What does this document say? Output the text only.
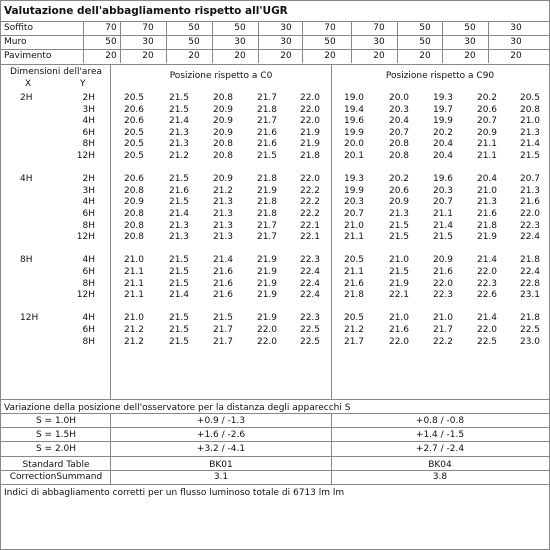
Valutazione dell'abbagliamento rispetto all'UGR
Soffito	70	70	50	50	30	70	70	50	50	30
Muro	50	30	50	30	30	50	30	50	30	30
Pavimento	20	20	20	20	20	20	20	20	20	20
Dimensioni dell'area
X	Y
Posizione rispetto a C0	Posizione rispetto a C90
2H	2H	20.5	21.5	20.8	21.7	22.0	19.0	20.0	19.3	20.2	20.5
3H	20.6	21.5	20.9	21.8	22.0	19.4	20.3	19.7	20.6	20.8
4H	20.6	21.4	20.9	21.7	22.0	19.6	20.4	19.9	20.7	21.0
6H	20.5	21.3	20.9	21.6	21.9	19.9	20.7	20.2	20.9	21.3
8H	20.5	21.3	20.8	21.6	21.9	20.0	20.8	20.4	21.1	21.4
12H	20.5	21.2	20.8	21.5	21.8	20.1	20.8	20.4	21.1	21.5
4H	2H	20.6	21.5	20.9	21.8	22.0	19.3	20.2	19.6	20.4	20.7
3H	20.8	21.6	21.2	21.9	22.2	19.9	20.6	20.3	21.0	21.3
4H	20.9	21.5	21.3	21.8	22.2	20.3	20.9	20.7	21.3	21.6
6H	20.8	21.4	21.3	21.8	22.2	20.7	21.3	21.1	21.6	22.0
8H	20.8	21.3	21.3	21.7	22.1	21.0	21.5	21.4	21.8	22.3
12H	20.8	21.3	21.3	21.7	22.1	21.1	21.5	21.5	21.9	22.4
8H	4H	21.0	21.5	21.4	21.9	22.3	20.5	21.0	20.9	21.4	21.8
6H	21.1	21.5	21.6	21.9	22.4	21.1	21.5	21.6	22.0	22.4
8H	21.1	21.5	21.6	21.9	22.4	21.6	21.9	22.0	22.3	22.8
12H	21.1	21.4	21.6	21.9	22.4	21.8	22.1	22.3	22.6	23.1
12H	4H	21.0	21.5	21.5	21.9	22.3	20.5	21.0	21.0	21.4	21.8
6H	21.2	21.5	21.7	22.0	22.5	21.2	21.6	21.7	22.0	22.5
8H	21.2	21.5	21.7	22.0	22.5	21.7	22.0	22.2	22.5	23.0
Variazione della posizione dell'osservatore per la distanza degli apparecchi S
S = 1.0H	+0.9 / -1.3	+0.8 / -0.8
S = 1.5H	+1.6 / -2.6	+1.4 / -1.5
S = 2.0H	+3.2 / -4.1	+2.7 / -2.4
Standard Table	BK01	BK04
CorrectionSummand	3.1	3.8
Indici di abbagliamento corretti per un flusso luminoso totale di 6713 lm lm
